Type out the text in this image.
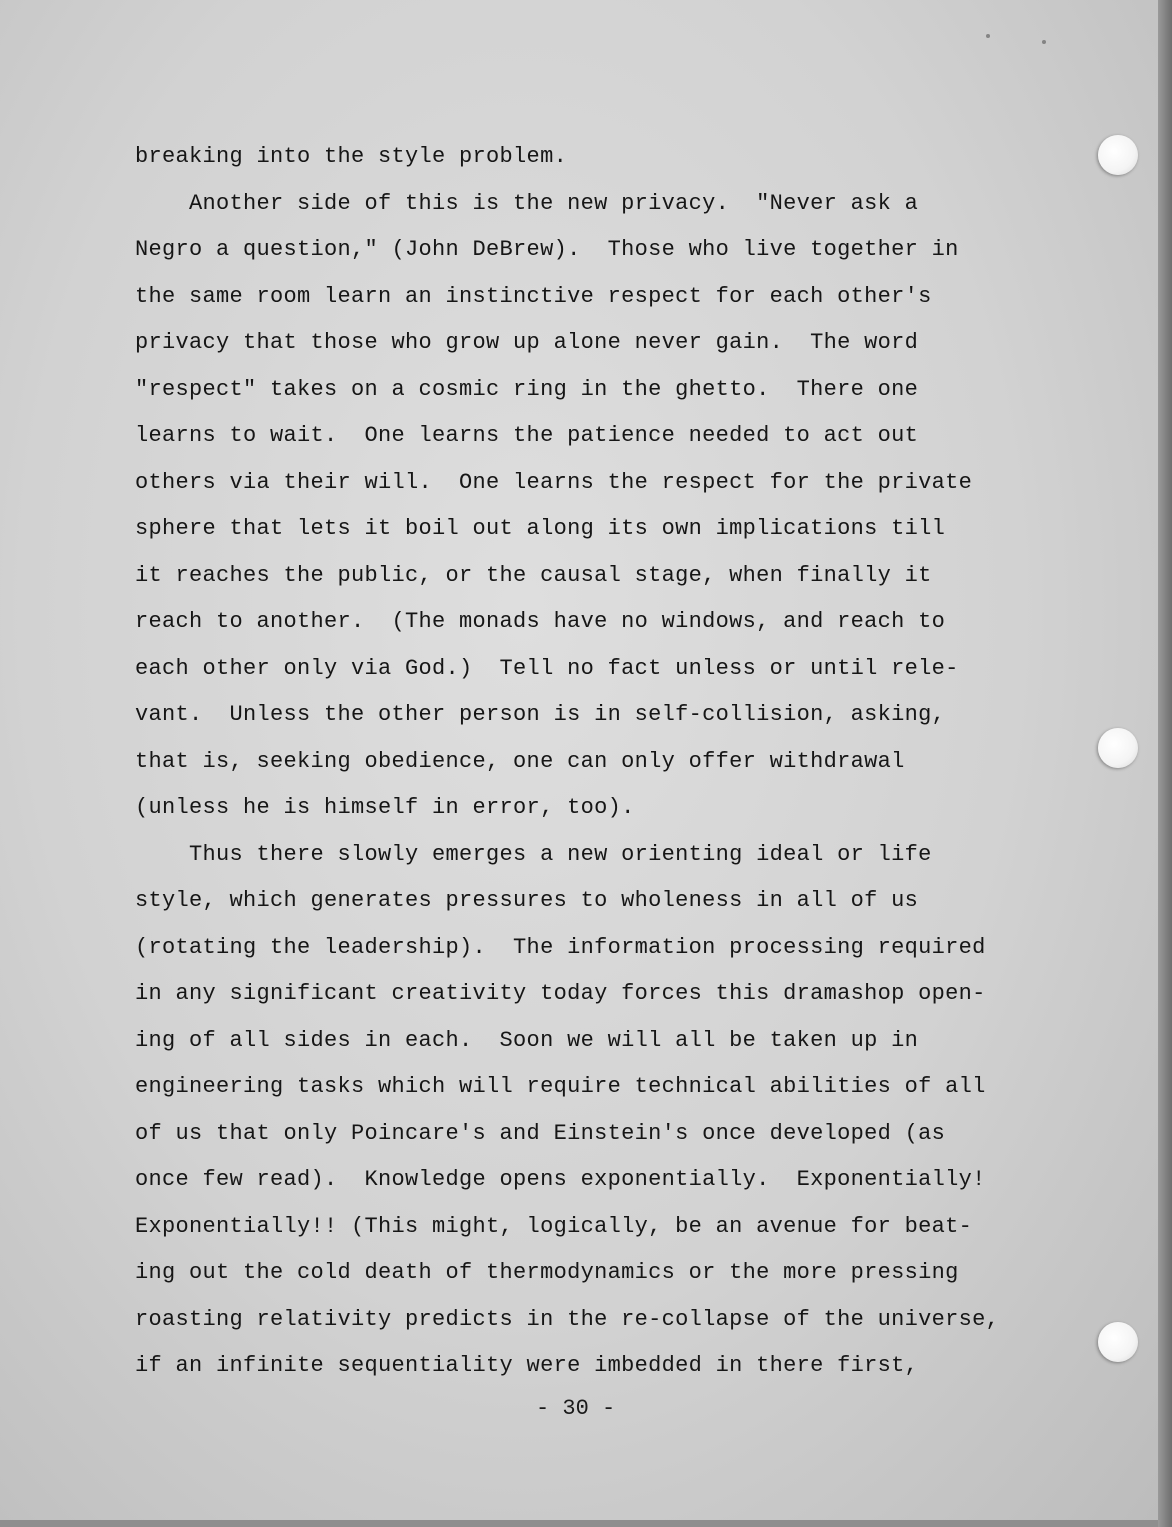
breaking into the style problem.
Another side of this is the new privacy.  "Never ask a
Negro a question," (John DeBrew).  Those who live together in
the same room learn an instinctive respect for each other's
privacy that those who grow up alone never gain.  The word
"respect" takes on a cosmic ring in the ghetto.  There one
learns to wait.  One learns the patience needed to act out
others via their will.  One learns the respect for the private
sphere that lets it boil out along its own implications till
it reaches the public, or the causal stage, when finally it
reach to another.  (The monads have no windows, and reach to
each other only via God.)  Tell no fact unless or until rele-
vant.  Unless the other person is in self-collision, asking,
that is, seeking obedience, one can only offer withdrawal
(unless he is himself in error, too).
Thus there slowly emerges a new orienting ideal or life
style, which generates pressures to wholeness in all of us
(rotating the leadership).  The information processing required
in any significant creativity today forces this dramashop open-
ing of all sides in each.  Soon we will all be taken up in
engineering tasks which will require technical abilities of all
of us that only Poincare's and Einstein's once developed (as
once few read).  Knowledge opens exponentially.  Exponentially!
Exponentially!! (This might, logically, be an avenue for beat-
ing out the cold death of thermodynamics or the more pressing
roasting relativity predicts in the re-collapse of the universe,
if an infinite sequentiality were imbedded in there first,
- 30 -
